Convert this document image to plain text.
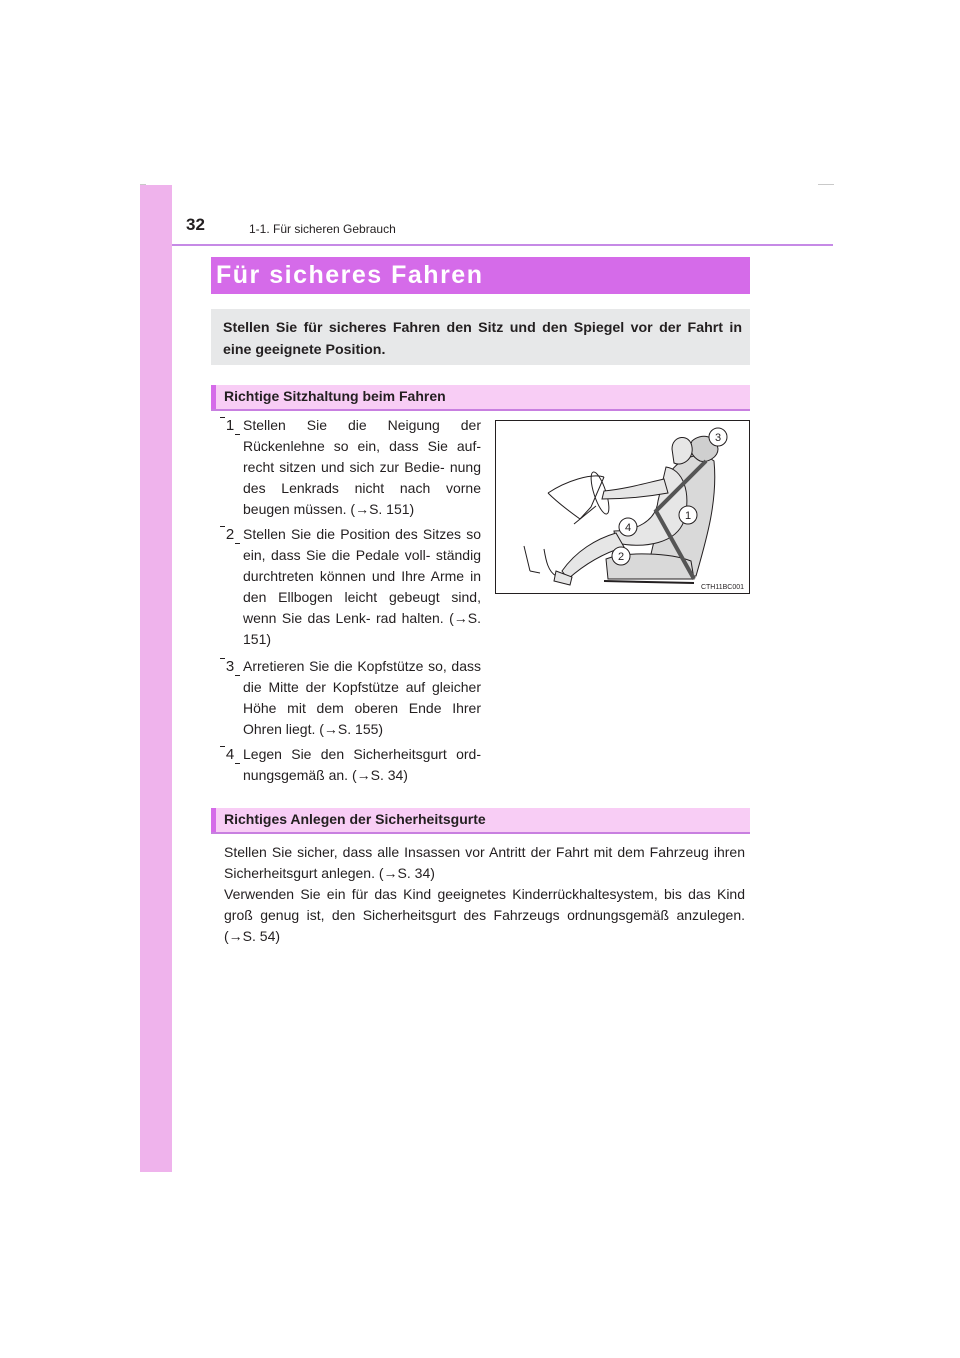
32	1-1. Für sicheren Gebrauch
Für sicheres Fahren
Stellen Sie für sicheres Fahren den Sitz und den Spiegel vor der Fahrt in eine geeignete Position.
Richtige Sitzhaltung beim Fahren
1 Stellen Sie die Neigung der Rückenlehne so ein, dass Sie auf- recht sitzen und sich zur Bedie- nung des Lenkrads nicht nach vorne beugen müssen. (→S. 151)
2 Stellen Sie die Position des Sitzes so ein, dass Sie die Pedale voll- ständig durchtreten können und Ihre Arme in den Ellbogen leicht gebeugt sind, wenn Sie das Lenk- rad halten. (→S. 151)
3 Arretieren Sie die Kopfstütze so, dass die Mitte der Kopfstütze auf gleicher Höhe mit dem oberen Ende Ihrer Ohren liegt. (→S. 155)
4 Legen Sie den Sicherheitsgurt ord- nungsgemäß an. (→S. 34)
3
1
4
2
CTH11BC001
Richtiges Anlegen der Sicherheitsgurte
Stellen Sie sicher, dass alle Insassen vor Antritt der Fahrt mit dem Fahrzeug ihren Sicherheitsgurt anlegen. (→S. 34)
Verwenden Sie ein für das Kind geeignetes Kinderrückhaltesystem, bis das Kind groß genug ist, den Sicherheitsgurt des Fahrzeugs ordnungsgemäß anzulegen. (→S. 54)
